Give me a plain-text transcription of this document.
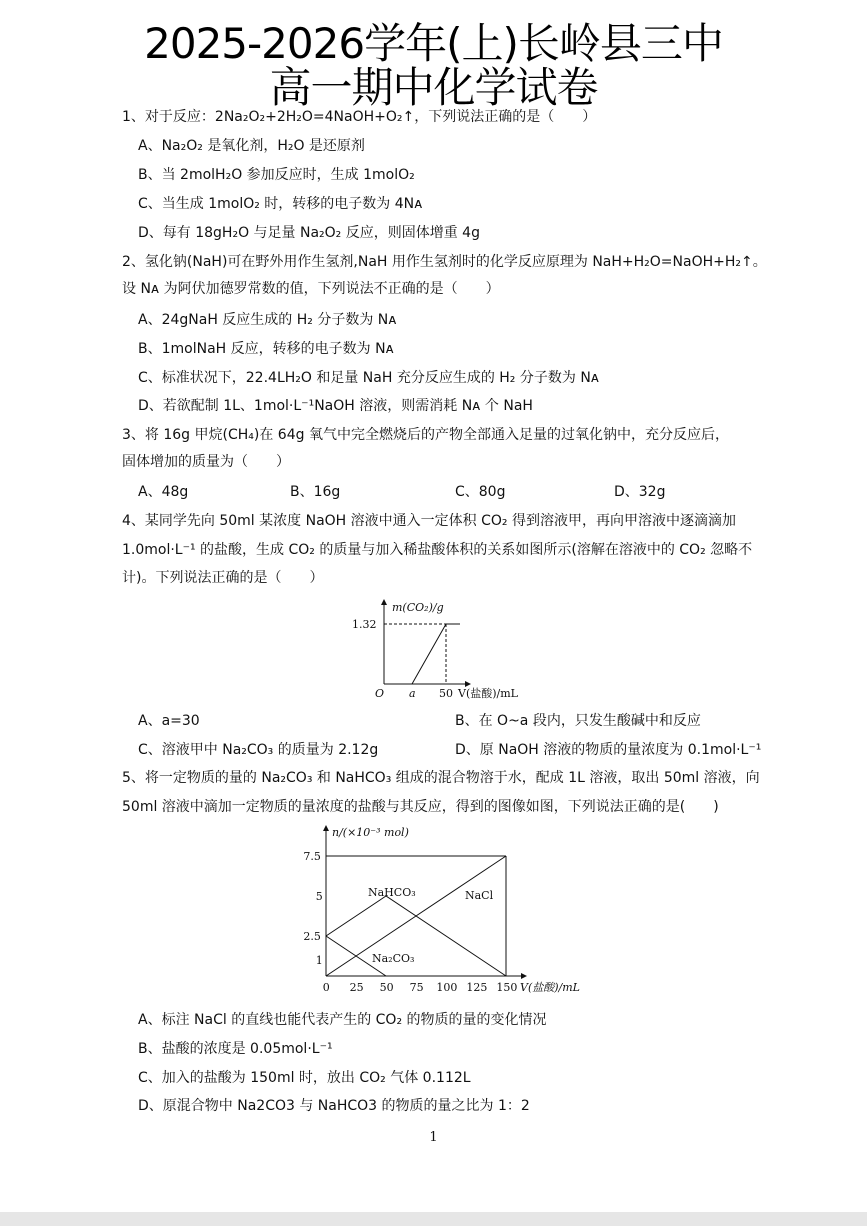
2025-2026学年(上)长岭县三中
高一期中化学试卷
1、对于反应：2Na₂O₂+2H₂O=4NaOH+O₂↑，下列说法正确的是（　　）
A、Na₂O₂ 是氧化剂，H₂O 是还原剂
B、当 2molH₂O 参加反应时，生成 1molO₂
C、当生成 1molO₂ 时，转移的电子数为 4Nᴀ
D、每有 18gH₂O 与足量 Na₂O₂ 反应，则固体增重 4g
2、氢化钠(NaH)可在野外用作生氢剂,NaH 用作生氢剂时的化学反应原理为 NaH+H₂O=NaOH+H₂↑。
设 Nᴀ 为阿伏加德罗常数的值，下列说法不正确的是（　　）
A、24gNaH 反应生成的 H₂ 分子数为 Nᴀ
B、1molNaH 反应，转移的电子数为 Nᴀ
C、标准状况下，22.4LH₂O 和足量 NaH 充分反应生成的 H₂ 分子数为 Nᴀ
D、若欲配制 1L、1mol·L⁻¹NaOH 溶液，则需消耗 Nᴀ 个 NaH
3、将 16g 甲烷(CH₄)在 64g 氧气中完全燃烧后的产物全部通入足量的过氧化钠中，充分反应后，
固体增加的质量为（　　）
A、48g	B、16g	C、80g	D、32g
4、某同学先向 50ml 某浓度 NaOH 溶液中通入一定体积 CO₂ 得到溶液甲，再向甲溶液中逐滴滴加
1.0mol·L⁻¹ 的盐酸，生成 CO₂ 的质量与加入稀盐酸体积的关系如图所示(溶解在溶液中的 CO₂ 忽略不
计)。下列说法正确的是（　　）
m(CO₂)/g
1.32
O a 50 V(盐酸)/mL
A、a=30	B、在 O~a 段内，只发生酸碱中和反应
C、溶液甲中 Na₂CO₃ 的质量为 2.12g	D、原 NaOH 溶液的物质的量浓度为 0.1mol·L⁻¹
5、将一定物质的量的 Na₂CO₃ 和 NaHCO₃ 组成的混合物溶于水，配成 1L 溶液，取出 50ml 溶液，向
50ml 溶液中滴加一定物质的量浓度的盐酸与其反应，得到的图像如图，下列说法正确的是(　　)
n/(×10⁻³ mol)
V(盐酸)/mL
0 25 50 75 100 125 150
7.5
5
2.5
1
NaHCO₃	NaCl
Na₂CO₃
A、标注 NaCl 的直线也能代表产生的 CO₂ 的物质的量的变化情况
B、盐酸的浓度是 0.05mol·L⁻¹
C、加入的盐酸为 150ml 时，放出 CO₂ 气体 0.112L
D、原混合物中 Na2CO3 与 NaHCO3 的物质的量之比为 1：2
1
